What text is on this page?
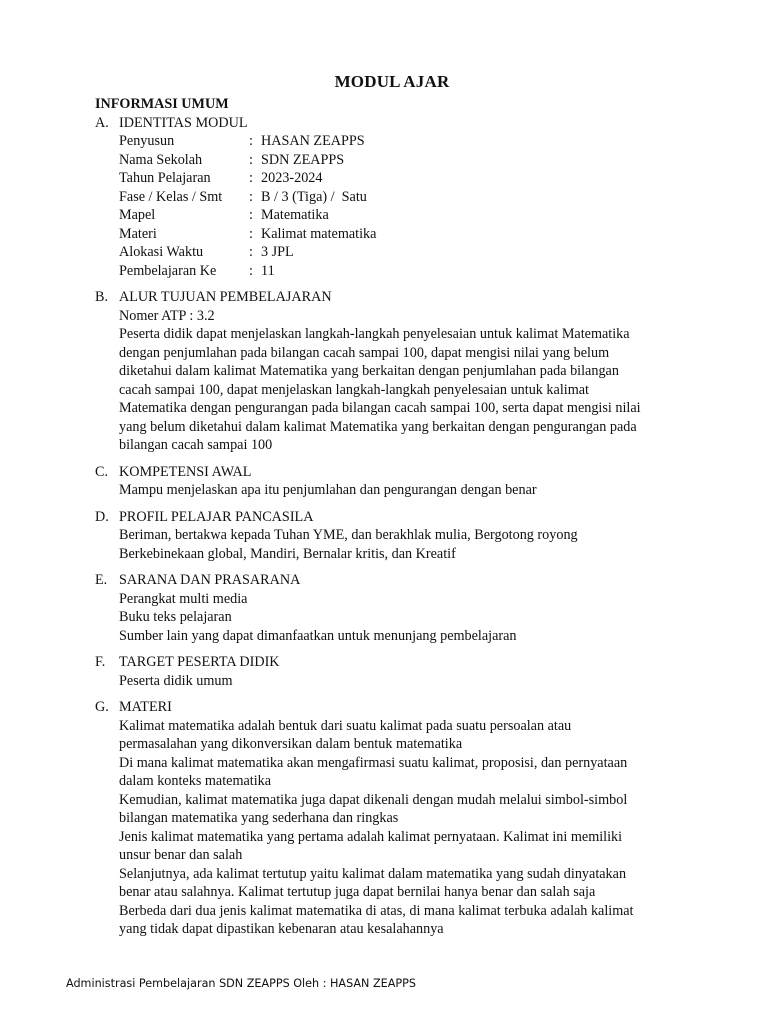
MODUL AJAR
INFORMASI UMUM
A. IDENTITAS MODUL
Penyusun	: HASAN ZEAPPS
Nama Sekolah	: SDN ZEAPPS
Tahun Pelajaran	: 2023-2024
Fase / Kelas / Smt	: B / 3 (Tiga) /  Satu
Mapel	: Matematika
Materi	: Kalimat matematika
Alokasi Waktu	: 3 JPL
Pembelajaran Ke	: 11
B. ALUR TUJUAN PEMBELAJARAN
Nomer ATP : 3.2
Peserta didik dapat menjelaskan langkah-langkah penyelesaian untuk kalimat Matematika
dengan penjumlahan pada bilangan cacah sampai 100, dapat mengisi nilai yang belum
diketahui dalam kalimat Matematika yang berkaitan dengan penjumlahan pada bilangan
cacah sampai 100, dapat menjelaskan langkah-langkah penyelesaian untuk kalimat
Matematika dengan pengurangan pada bilangan cacah sampai 100, serta dapat mengisi nilai
yang belum diketahui dalam kalimat Matematika yang berkaitan dengan pengurangan pada
bilangan cacah sampai 100
C. KOMPETENSI AWAL
Mampu menjelaskan apa itu penjumlahan dan pengurangan dengan benar
D. PROFIL PELAJAR PANCASILA
Beriman, bertakwa kepada Tuhan YME, dan berakhlak mulia, Bergotong royong
Berkebinekaan global, Mandiri, Bernalar kritis, dan Kreatif
E. SARANA DAN PRASARANA
Perangkat multi media
Buku teks pelajaran
Sumber lain yang dapat dimanfaatkan untuk menunjang pembelajaran
F. TARGET PESERTA DIDIK
Peserta didik umum
G. MATERI
Kalimat matematika adalah bentuk dari suatu kalimat pada suatu persoalan atau
permasalahan yang dikonversikan dalam bentuk matematika
Di mana kalimat matematika akan mengafirmasi suatu kalimat, proposisi, dan pernyataan
dalam konteks matematika
Kemudian, kalimat matematika juga dapat dikenali dengan mudah melalui simbol-simbol
bilangan matematika yang sederhana dan ringkas
Jenis kalimat matematika yang pertama adalah kalimat pernyataan. Kalimat ini memiliki
unsur benar dan salah
Selanjutnya, ada kalimat tertutup yaitu kalimat dalam matematika yang sudah dinyatakan
benar atau salahnya. Kalimat tertutup juga dapat bernilai hanya benar dan salah saja
Berbeda dari dua jenis kalimat matematika di atas, di mana kalimat terbuka adalah kalimat
yang tidak dapat dipastikan kebenaran atau kesalahannya
Administrasi Pembelajaran SDN ZEAPPS Oleh : HASAN ZEAPPS
